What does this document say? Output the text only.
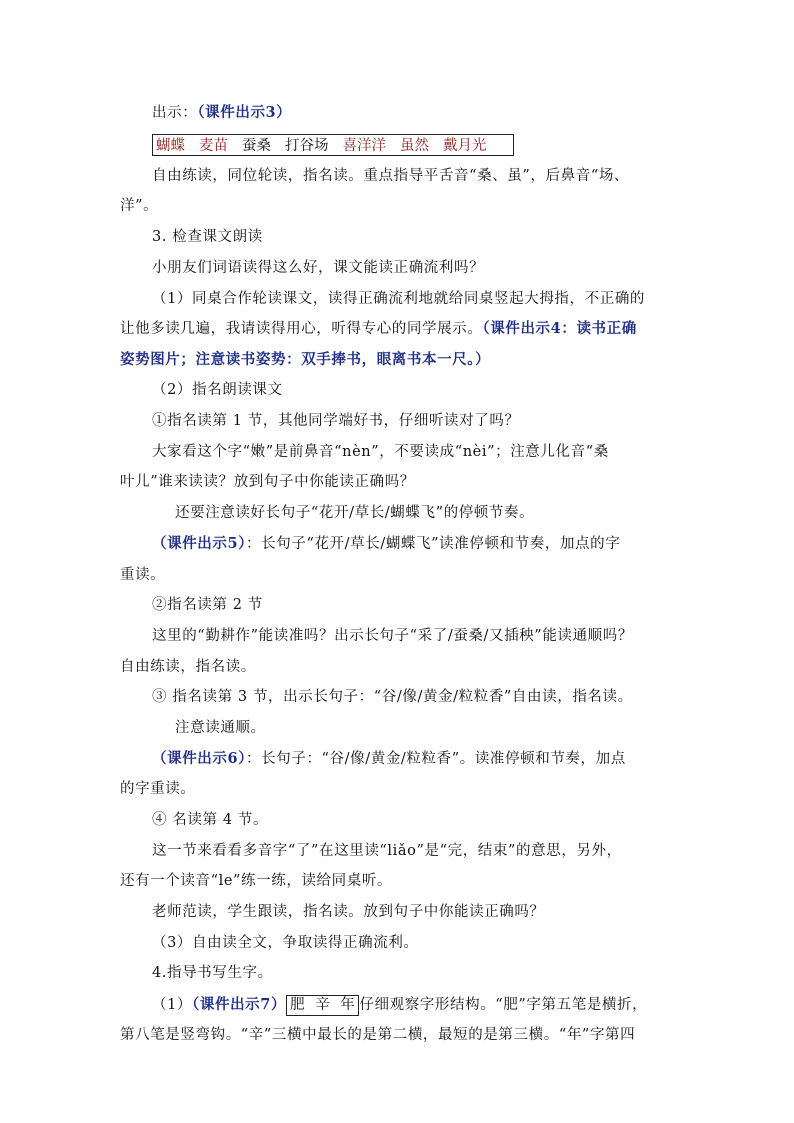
出示：（课件出示3）
蝴蝶 麦苗 蚕桑 打谷场 喜洋洋 虽然 戴月光
自由练读，同位轮读，指名读。重点指导平舌音“桑、虽”，后鼻音“场、
洋”。
3. 检查课文朗读
小朋友们词语读得这么好，课文能读正确流利吗？
（1）同桌合作轮读课文，读得正确流利地就给同桌竖起大拇指，不正确的
让他多读几遍，我请读得用心，听得专心的同学展示。（课件出示4：读书正确
姿势图片；注意读书姿势：双手捧书，眼离书本一尺。）
（2）指名朗读课文
①指名读第 1 节，其他同学端好书，仔细听读对了吗？
大家看这个字“嫩”是前鼻音“nèn”，不要读成“nèi”；注意儿化音“桑
叶儿”谁来读读？放到句子中你能读正确吗？
还要注意读好长句子“花开/草长/蝴蝶飞”的停顿节奏。
（课件出示5）：长句子“花开/草长/蝴蝶飞”读准停顿和节奏，加点的字
重读。
②指名读第 2 节
这里的“勤耕作”能读准吗？出示长句子“采了/蚕桑/又插秧”能读通顺吗？
自由练读，指名读。
③ 指名读第 3 节，出示长句子：“谷/像/黄金/粒粒香”自由读，指名读。
注意读通顺。
（课件出示6）：长句子：“谷/像/黄金/粒粒香”。读准停顿和节奏，加点
的字重读。
④ 名读第 4 节。
这一节来看看多音字“了”在这里读“liǎo”是“完，结束”的意思，另外，
还有一个读音“le”练一练，读给同桌听。
老师范读，学生跟读，指名读。放到句子中你能读正确吗？
（3）自由读全文，争取读得正确流利。
4.指导书写生字。
（1）（课件出示7） 肥 辛 年 仔细观察字形结构。“肥”字第五笔是横折，
第八笔是竖弯钩。“辛”三横中最长的是第二横，最短的是第三横。“年”字第四
